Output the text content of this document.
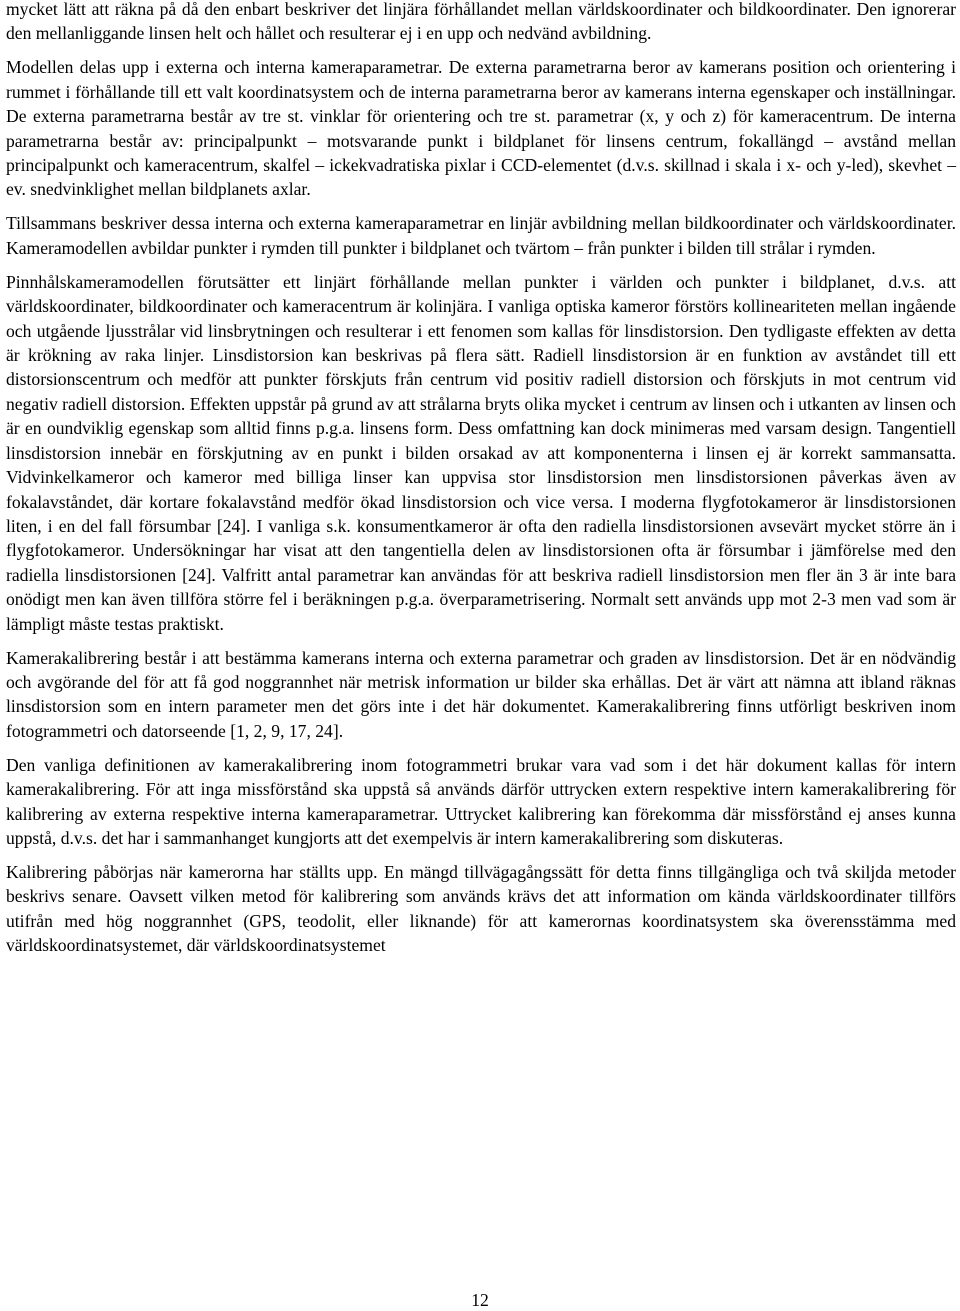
mycket lätt att räkna på då den enbart beskriver det linjära förhållandet mellan världskoordinater och bildkoordinater. Den ignorerar den mellanliggande linsen helt och hållet och resulterar ej i en upp och nedvänd avbildning.

Modellen delas upp i externa och interna kameraparametrar. De externa parametrarna beror av kamerans position och orientering i rummet i förhållande till ett valt koordinatsystem och de interna parametrarna beror av kamerans interna egenskaper och inställningar. De externa parametrarna består av tre st. vinklar för orientering och tre st. parametrar (x, y och z) för kameracentrum. De interna parametrarna består av: principalpunkt – motsvarande punkt i bildplanet för linsens centrum, fokallängd – avstånd mellan principalpunkt och kameracentrum, skalfel – ickekvadratiska pixlar i CCD-elementet (d.v.s. skillnad i skala i x- och y-led), skevhet – ev. snedvinklighet mellan bildplanets axlar.

Tillsammans beskriver dessa interna och externa kameraparametrar en linjär avbildning mellan bildkoordinater och världskoordinater. Kameramodellen avbildar punkter i rymden till punkter i bildplanet och tvärtom – från punkter i bilden till strålar i rymden.

Pinnhålskameramodellen förutsätter ett linjärt förhållande mellan punkter i världen och punkter i bildplanet, d.v.s. att världskoordinater, bildkoordinater och kameracentrum är kolinjära. I vanliga optiska kameror förstörs kollineariteten mellan ingående och utgående ljusstrålar vid linsbrytningen och resulterar i ett fenomen som kallas för linsdistorsion. Den tydligaste effekten av detta är krökning av raka linjer. Linsdistorsion kan beskrivas på flera sätt. Radiell linsdistorsion är en funktion av avståndet till ett distorsionscentrum och medför att punkter förskjuts från centrum vid positiv radiell distorsion och förskjuts in mot centrum vid negativ radiell distorsion. Effekten uppstår på grund av att strålarna bryts olika mycket i centrum av linsen och i utkanten av linsen och är en oundviklig egenskap som alltid finns p.g.a. linsens form. Dess omfattning kan dock minimeras med varsam design. Tangentiell linsdistorsion innebär en förskjutning av en punkt i bilden orsakad av att komponenterna i linsen ej är korrekt sammansatta. Vidvinkelkameror och kameror med billiga linser kan uppvisa stor linsdistorsion men linsdistorsionen påverkas även av fokalavståndet, där kortare fokalavstånd medför ökad linsdistorsion och vice versa. I moderna flygfotokameror är linsdistorsionen liten, i en del fall försumbar [24]. I vanliga s.k. konsumentkameror är ofta den radiella linsdistorsionen avsevärt mycket större än i flygfotokameror. Undersökningar har visat att den tangentiella delen av linsdistorsionen ofta är försumbar i jämförelse med den radiella linsdistorsionen [24]. Valfritt antal parametrar kan användas för att beskriva radiell linsdistorsion men fler än 3 är inte bara onödigt men kan även tillföra större fel i beräkningen p.g.a. överparametrisering. Normalt sett används upp mot 2-3 men vad som är lämpligt måste testas praktiskt.

Kamerakalibrering består i att bestämma kamerans interna och externa parametrar och graden av linsdistorsion. Det är en nödvändig och avgörande del för att få god noggrannhet när metrisk information ur bilder ska erhållas. Det är värt att nämna att ibland räknas linsdistorsion som en intern parameter men det görs inte i det här dokumentet. Kamerakalibrering finns utförligt beskriven inom fotogrammetri och datorseende [1, 2, 9, 17, 24].

Den vanliga definitionen av kamerakalibrering inom fotogrammetri brukar vara vad som i det här dokument kallas för intern kamerakalibrering. För att inga missförstånd ska uppstå så används därför uttrycken extern respektive intern kamerakalibrering för kalibrering av externa respektive interna kameraparametrar. Uttrycket kalibrering kan förekomma där missförstånd ej anses kunna uppstå, d.v.s. det har i sammanhanget kungjorts att det exempelvis är intern kamerakalibrering som diskuteras.

Kalibrering påbörjas när kamerorna har ställts upp. En mängd tillvägagångssätt för detta finns tillgängliga och två skiljda metoder beskrivs senare. Oavsett vilken metod för kalibrering som används krävs det att information om kända världskoordinater tillförs utifrån med hög noggrannhet (GPS, teodolit, eller liknande) för att kamerornas koordinatsystem ska överensstämma med världskoordinatsystemet, där världskoordinatsystemet

12
